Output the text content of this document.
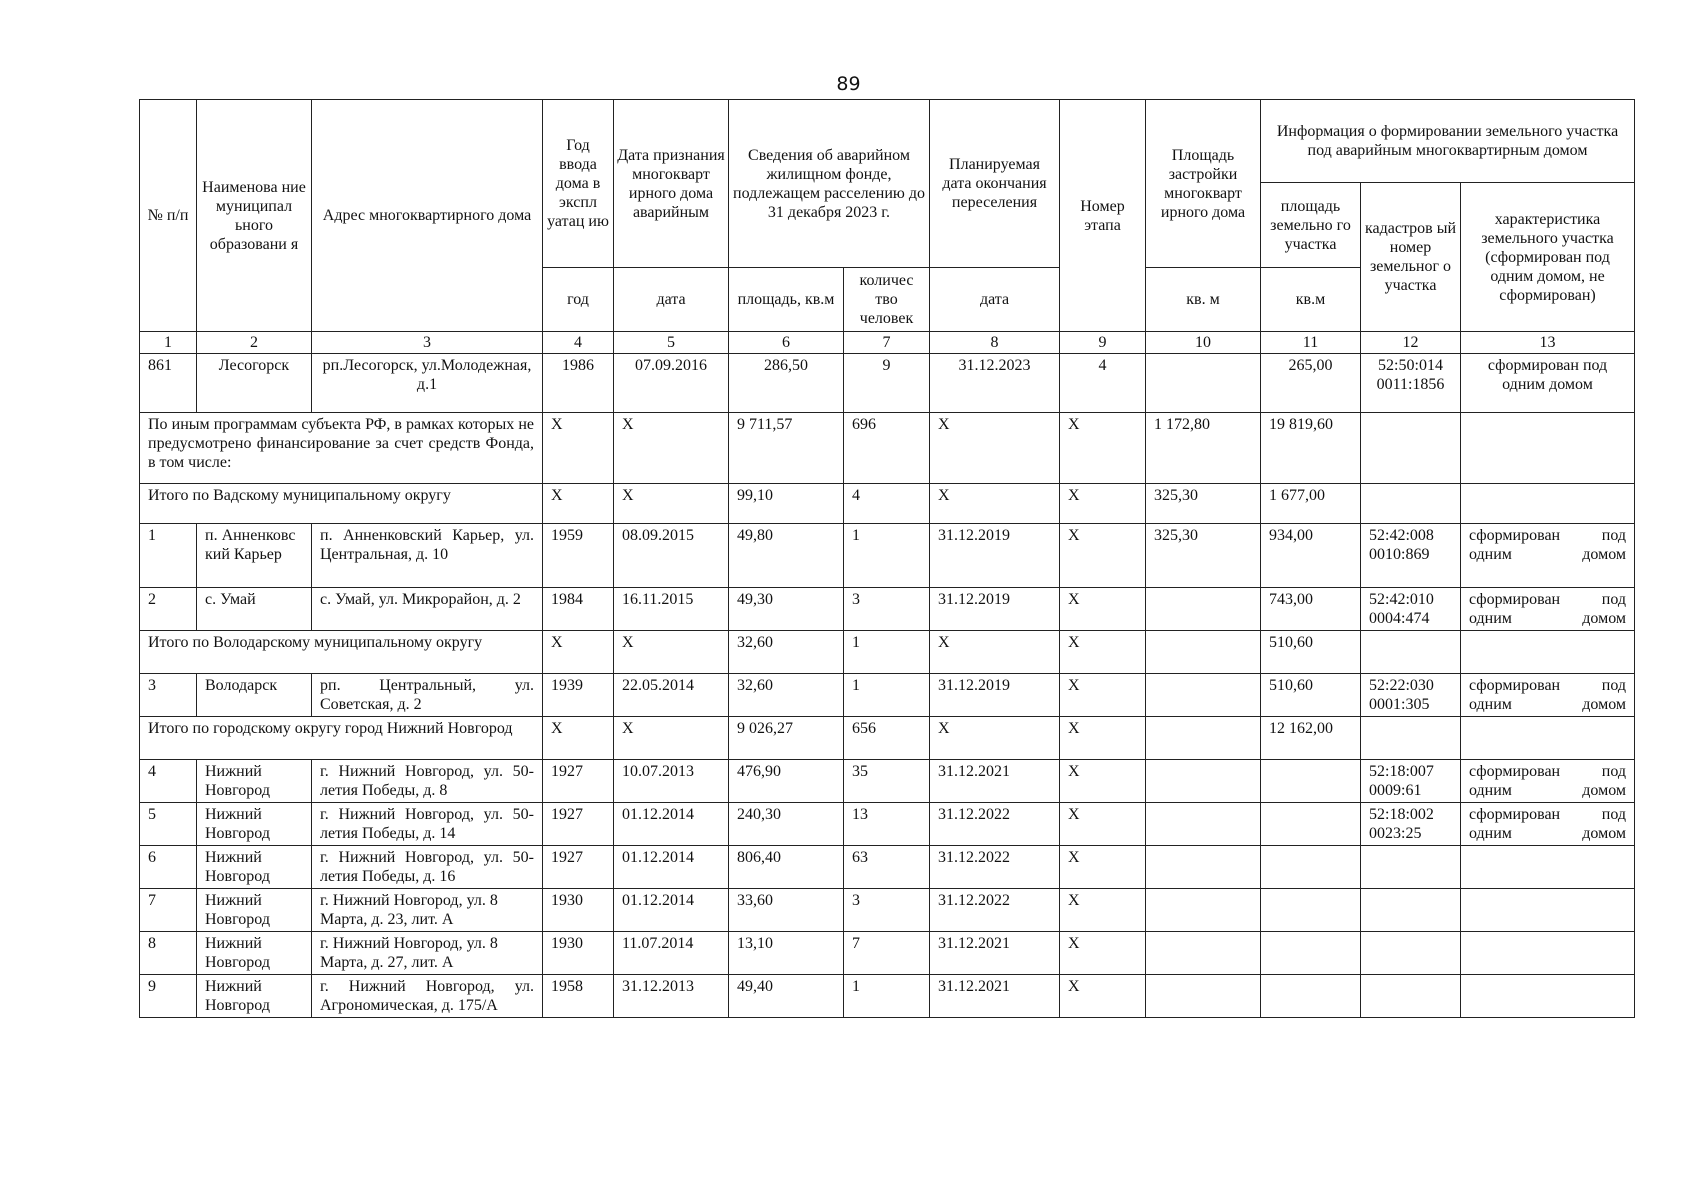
89
№ п/п	Наименова ние муниципал ьного образовани я	Адрес многоквартирного дома	Год ввода дома в экспл уатац ию	Дата признания многокварт ирного дома аварийным	Сведения об аварийном жилищном фонде, подлежащем расселению до 31 декабря 2023 г.		Планируемая дата окончания переселения	Номер этапа	Площадь застройки многокварт ирного дома	Информация о формировании земельного участка под аварийным многоквартирным домом		
										площадь земельно го участка	кадастров ый номер земельног о участка	характеристика земельного участка (сформирован под одним домом, не сформирован)
			год	дата	площадь, кв.м	количес тво человек	дата		кв. м	кв.м		
1	2	3	4	5	6	7	8	9	10	11	12	13
861	Лесогорск	рп.Лесогорск, ул.Молодежная, д.1	1986	07.09.2016	286,50	9	31.12.2023	4		265,00	52:50:014 0011:1856	сформирован под одним домом
По иным программам субъекта РФ, в рамках которых не предусмотрено финансирование за счет средств Фонда, в том числе:			Х	Х	9 711,57	696	Х	Х	1 172,80	19 819,60		
Итого по Вадскому муниципальному округу			Х	Х	99,10	4	Х	Х	325,30	1 677,00		
1	п. Анненковс кий Карьер	п. Анненковский Карьер, ул. Центральная, д. 10	1959	08.09.2015	49,80	1	31.12.2019	Х	325,30	934,00	52:42:008 0010:869	сформирован под одним домом
2	с. Умай	с. Умай, ул. Микрорайон, д. 2	1984	16.11.2015	49,30	3	31.12.2019	Х		743,00	52:42:010 0004:474	сформирован под одним домом
Итого по Володарскому муниципальному округу			Х	Х	32,60	1	Х	Х		510,60		
3	Володарск	рп. Центральный, ул. Советская, д. 2	1939	22.05.2014	32,60	1	31.12.2019	Х		510,60	52:22:030 0001:305	сформирован под одним домом
Итого по городскому округу город Нижний Новгород			Х	Х	9 026,27	656	Х	Х		12 162,00		
4	Нижний Новгород	г. Нижний Новгород, ул. 50-летия Победы, д. 8	1927	10.07.2013	476,90	35	31.12.2021	Х			52:18:007 0009:61	сформирован под одним домом
5	Нижний Новгород	г. Нижний Новгород, ул. 50-летия Победы, д. 14	1927	01.12.2014	240,30	13	31.12.2022	Х			52:18:002 0023:25	сформирован под одним домом
6	Нижний Новгород	г. Нижний Новгород, ул. 50-летия Победы, д. 16	1927	01.12.2014	806,40	63	31.12.2022	Х				
7	Нижний Новгород	г. Нижний Новгород, ул. 8 Марта, д. 23, лит. А	1930	01.12.2014	33,60	3	31.12.2022	Х				
8	Нижний Новгород	г. Нижний Новгород, ул. 8 Марта, д. 27, лит. А	1930	11.07.2014	13,10	7	31.12.2021	Х				
9	Нижний Новгород	г. Нижний Новгород, ул. Агрономическая, д. 175/А	1958	31.12.2013	49,40	1	31.12.2021	Х				
